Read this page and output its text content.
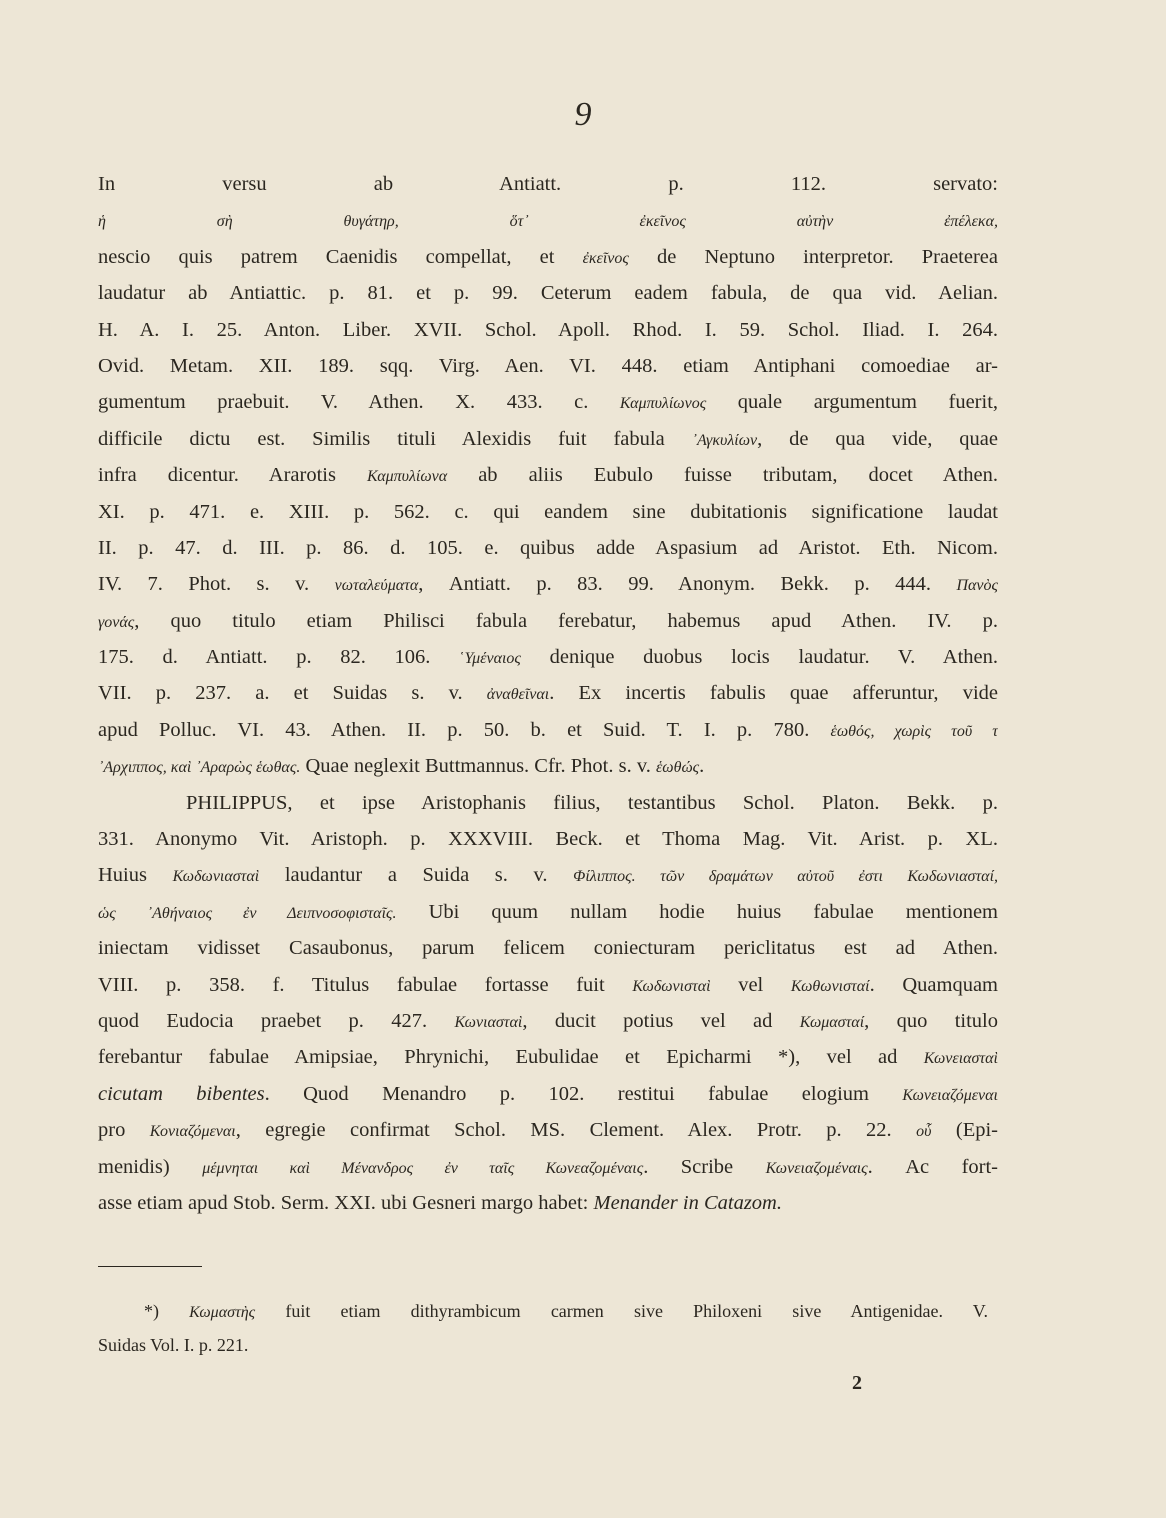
9
In versu ab Antiatt. p. 112. servato:
ἡ σὴ θυγάτηρ, ὅτ᾽ ἐκεῖνος αὐτὴν ἐπέλεκα,
nescio quis patrem Caenidis compellat, et ἐκεῖνος de Neptuno interpretor. Praeterea
laudatur ab Antiattic. p. 81. et p. 99. Ceterum eadem fabula, de qua vid. Aelian.
H. A. I. 25. Anton. Liber. XVII. Schol. Apoll. Rhod. I. 59. Schol. Iliad. I. 264.
Ovid. Metam. XII. 189. sqq. Virg. Aen. VI. 448. etiam Antiphani comoediae ar-
gumentum praebuit. V. Athen. X. 433. c. Καμπυλίωνος quale argumentum fuerit,
difficile dictu est. Similis tituli Alexidis fuit fabula ᾽Αγκυλίων, de qua vide, quae
infra dicentur. Ararotis Καμπυλίωνα ab aliis Eubulo fuisse tributam, docet Athen.
XI. p. 471. e. XIII. p. 562. c. qui eandem sine dubitationis significatione laudat
II. p. 47. d. III. p. 86. d. 105. e. quibus adde Aspasium ad Aristot. Eth. Nicom.
IV. 7. Phot. s. v. νωταλεύματα, Antiatt. p. 83. 99. Anonym. Bekk. p. 444. Πανὸς
γονάς, quo titulo etiam Philisci fabula ferebatur, habemus apud Athen. IV. p.
175. d. Antiatt. p. 82. 106. ῾Υμέναιος denique duobus locis laudatur. V. Athen.
VII. p. 237. a. et Suidas s. v. ἀναθεῖναι. Ex incertis fabulis quae afferuntur, vide
apud Polluc. VI. 43. Athen. II. p. 50. b. et Suid. T. I. p. 780. ἑωθός, χωρὶς τοῦ τ
᾽Αρχιππος, καὶ ᾽Αραρὼς ἑωθας. Quae neglexit Buttmannus. Cfr. Phot. s. v. ἑωθώς.
PHILIPPUS, et ipse Aristophanis filius, testantibus Schol. Platon. Bekk. p.
331. Anonymo Vit. Aristoph. p. XXXVIII. Beck. et Thoma Mag. Vit. Arist. p. XL.
Huius Κωδωνιασταὶ laudantur a Suida s. v. Φίλιππος. τῶν δραμάτων αὐτοῦ ἐστι Κωδωνιασταί,
ὡς ᾽Αθήναιος ἐν Δειπνοσοφισταῖς. Ubi quum nullam hodie huius fabulae mentionem
iniectam vidisset Casaubonus, parum felicem coniecturam periclitatus est ad Athen.
VIII. p. 358. f. Titulus fabulae fortasse fuit Κωδωνισταὶ vel Κωθωνισταί. Quamquam
quod Eudocia praebet p. 427. Κωνιασταὶ, ducit potius vel ad Κωμασταί, quo titulo
ferebantur fabulae Amipsiae, Phrynichi, Eubulidae et Epicharmi *), vel ad Κωνειασταὶ
cicutam bibentes. Quod Menandro p. 102. restitui fabulae elogium Κωνειαζόμεναι
pro Κονιαζόμεναι, egregie confirmat Schol. MS. Clement. Alex. Protr. p. 22. οὗ (Epi-
menidis) μέμνηται καὶ Μένανδρος ἐν ταῖς Κωνεαζομέναις. Scribe Κωνειαζομέναις. Ac fort-
asse etiam apud Stob. Serm. XXI. ubi Gesneri margo habet: Menander in Catazom.
*) Κωμαστὴς fuit etiam dithyrambicum carmen sive Philoxeni sive Antigenidae. V.
Suidas Vol. I. p. 221.
2
